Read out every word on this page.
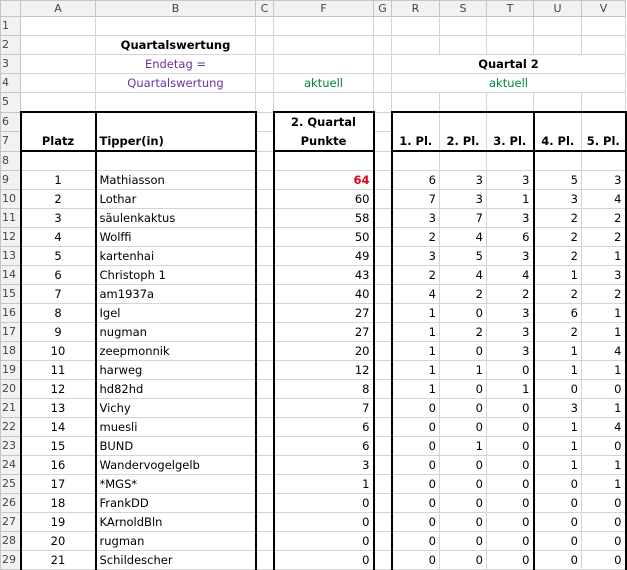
	A	B	C	F	G	R	S	T	U	V
1										
2		Quartalswertung								
3		Endetag =				Quartal 2				
4		Quartalswertung		aktuell		aktuell				
5										
6				2. Quartal						
7	Platz	Tipper(in)		Punkte		1. Pl.	2. Pl.	3. Pl.	4. Pl.	5. Pl.
8										
9	1	Mathiasson		64		6	3	3	5	3
10	2	Lothar		60		7	3	1	3	4
11	3	säulenkaktus		58		3	7	3	2	2
12	4	Wolffi		50		2	4	6	2	2
13	5	kartenhai		49		3	5	3	2	1
14	6	Christoph 1		43		2	4	4	1	3
15	7	am1937a		40		4	2	2	2	2
16	8	Igel		27		1	0	3	6	1
17	9	nugman		27		1	2	3	2	1
18	10	zeepmonnik		20		1	0	3	1	4
19	11	harweg		12		1	1	0	1	1
20	12	hd82hd		8		1	0	1	0	0
21	13	Vichy		7		0	0	0	3	1
22	14	muesli		6		0	0	0	1	4
23	15	BUND		6		0	1	0	1	0
24	16	Wandervogelgelb		3		0	0	0	1	1
25	17	*MGS*		1		0	0	0	0	1
26	18	FrankDD		0		0	0	0	0	0
27	19	KArnoldBln		0		0	0	0	0	0
28	20	rugman		0		0	0	0	0	0
29	21	Schildescher		0		0	0	0	0	0
